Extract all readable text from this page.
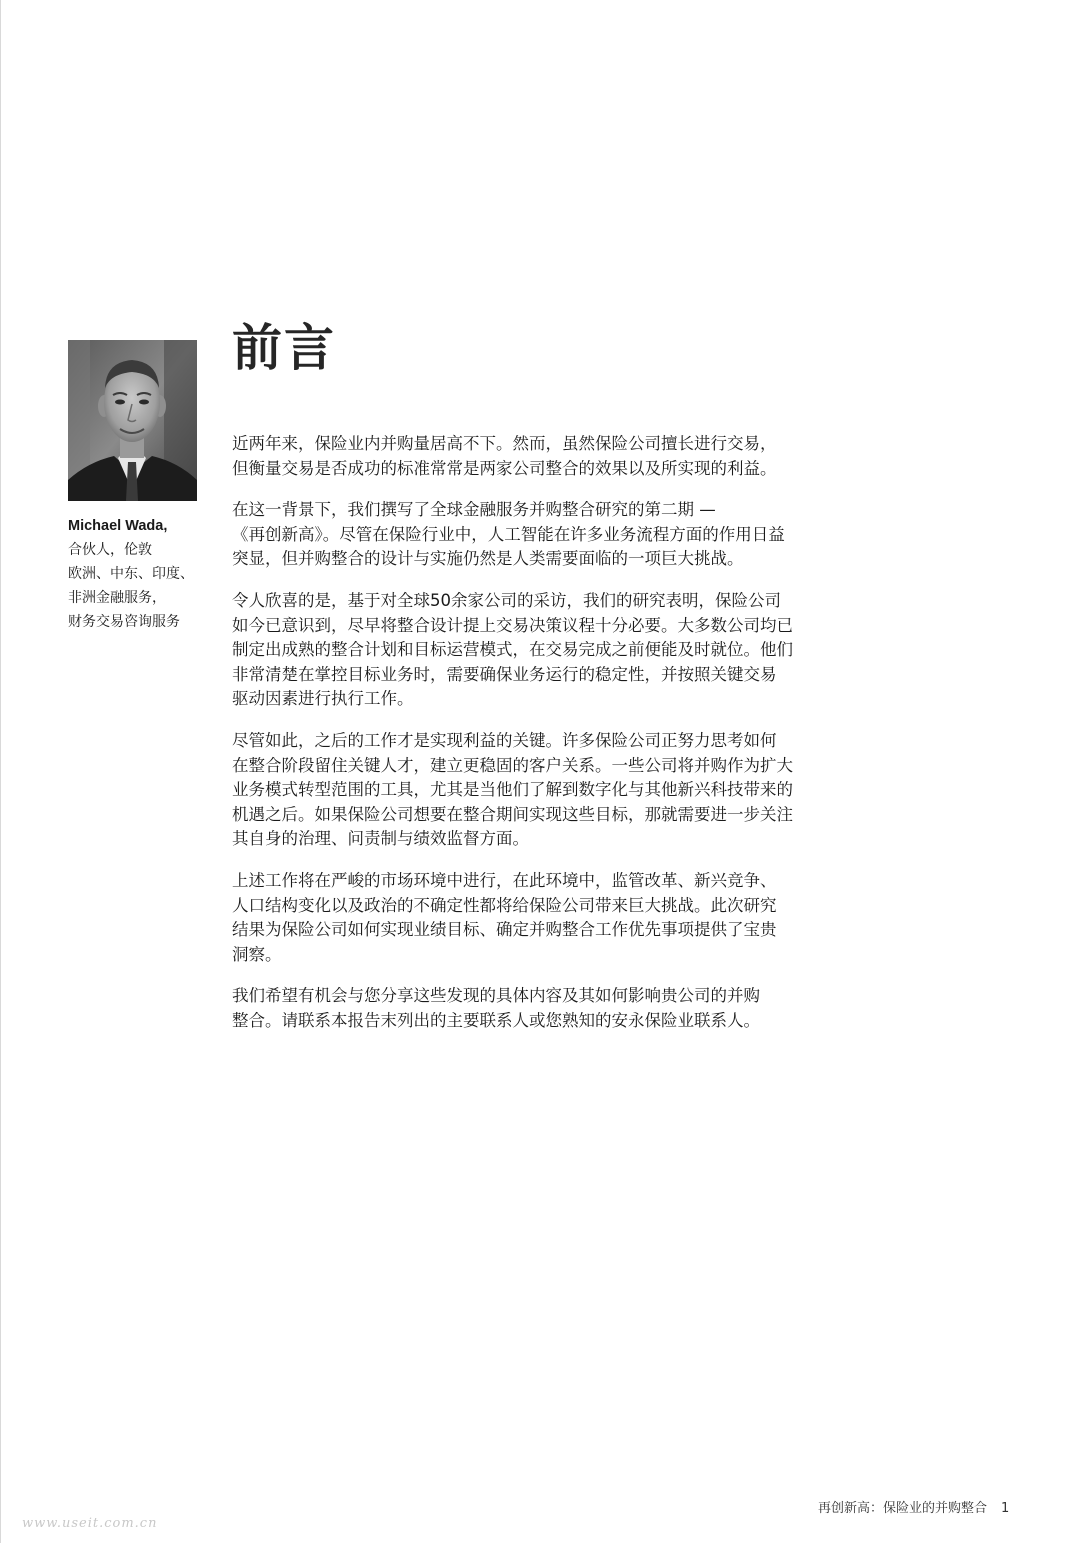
Michael Wada,
合伙人，伦敦
欧洲、中东、印度、
非洲金融服务，
财务交易咨询服务
前言

近两年来，保险业内并购量居高不下。然而，虽然保险公司擅长进行交易，
但衡量交易是否成功的标准常常是两家公司整合的效果以及所实现的利益。

在这一背景下，我们撰写了全球金融服务并购整合研究的第二期 —
《再创新高》。尽管在保险行业中，人工智能在许多业务流程方面的作用日益
突显，但并购整合的设计与实施仍然是人类需要面临的一项巨大挑战。

令人欣喜的是，基于对全球50余家公司的采访，我们的研究表明，保险公司
如今已意识到，尽早将整合设计提上交易决策议程十分必要。大多数公司均已
制定出成熟的整合计划和目标运营模式，在交易完成之前便能及时就位。他们
非常清楚在掌控目标业务时，需要确保业务运行的稳定性，并按照关键交易
驱动因素进行执行工作。

尽管如此，之后的工作才是实现利益的关键。许多保险公司正努力思考如何
在整合阶段留住关键人才，建立更稳固的客户关系。一些公司将并购作为扩大
业务模式转型范围的工具，尤其是当他们了解到数字化与其他新兴科技带来的
机遇之后。如果保险公司想要在整合期间实现这些目标，那就需要进一步关注
其自身的治理、问责制与绩效监督方面。

上述工作将在严峻的市场环境中进行，在此环境中，监管改革、新兴竞争、
人口结构变化以及政治的不确定性都将给保险公司带来巨大挑战。此次研究
结果为保险公司如何实现业绩目标、确定并购整合工作优先事项提供了宝贵
洞察。

我们希望有机会与您分享这些发现的具体内容及其如何影响贵公司的并购
整合。请联系本报告末列出的主要联系人或您熟知的安永保险业联系人。

再创新高：保险业的并购整合 1
www.useit.com.cn
